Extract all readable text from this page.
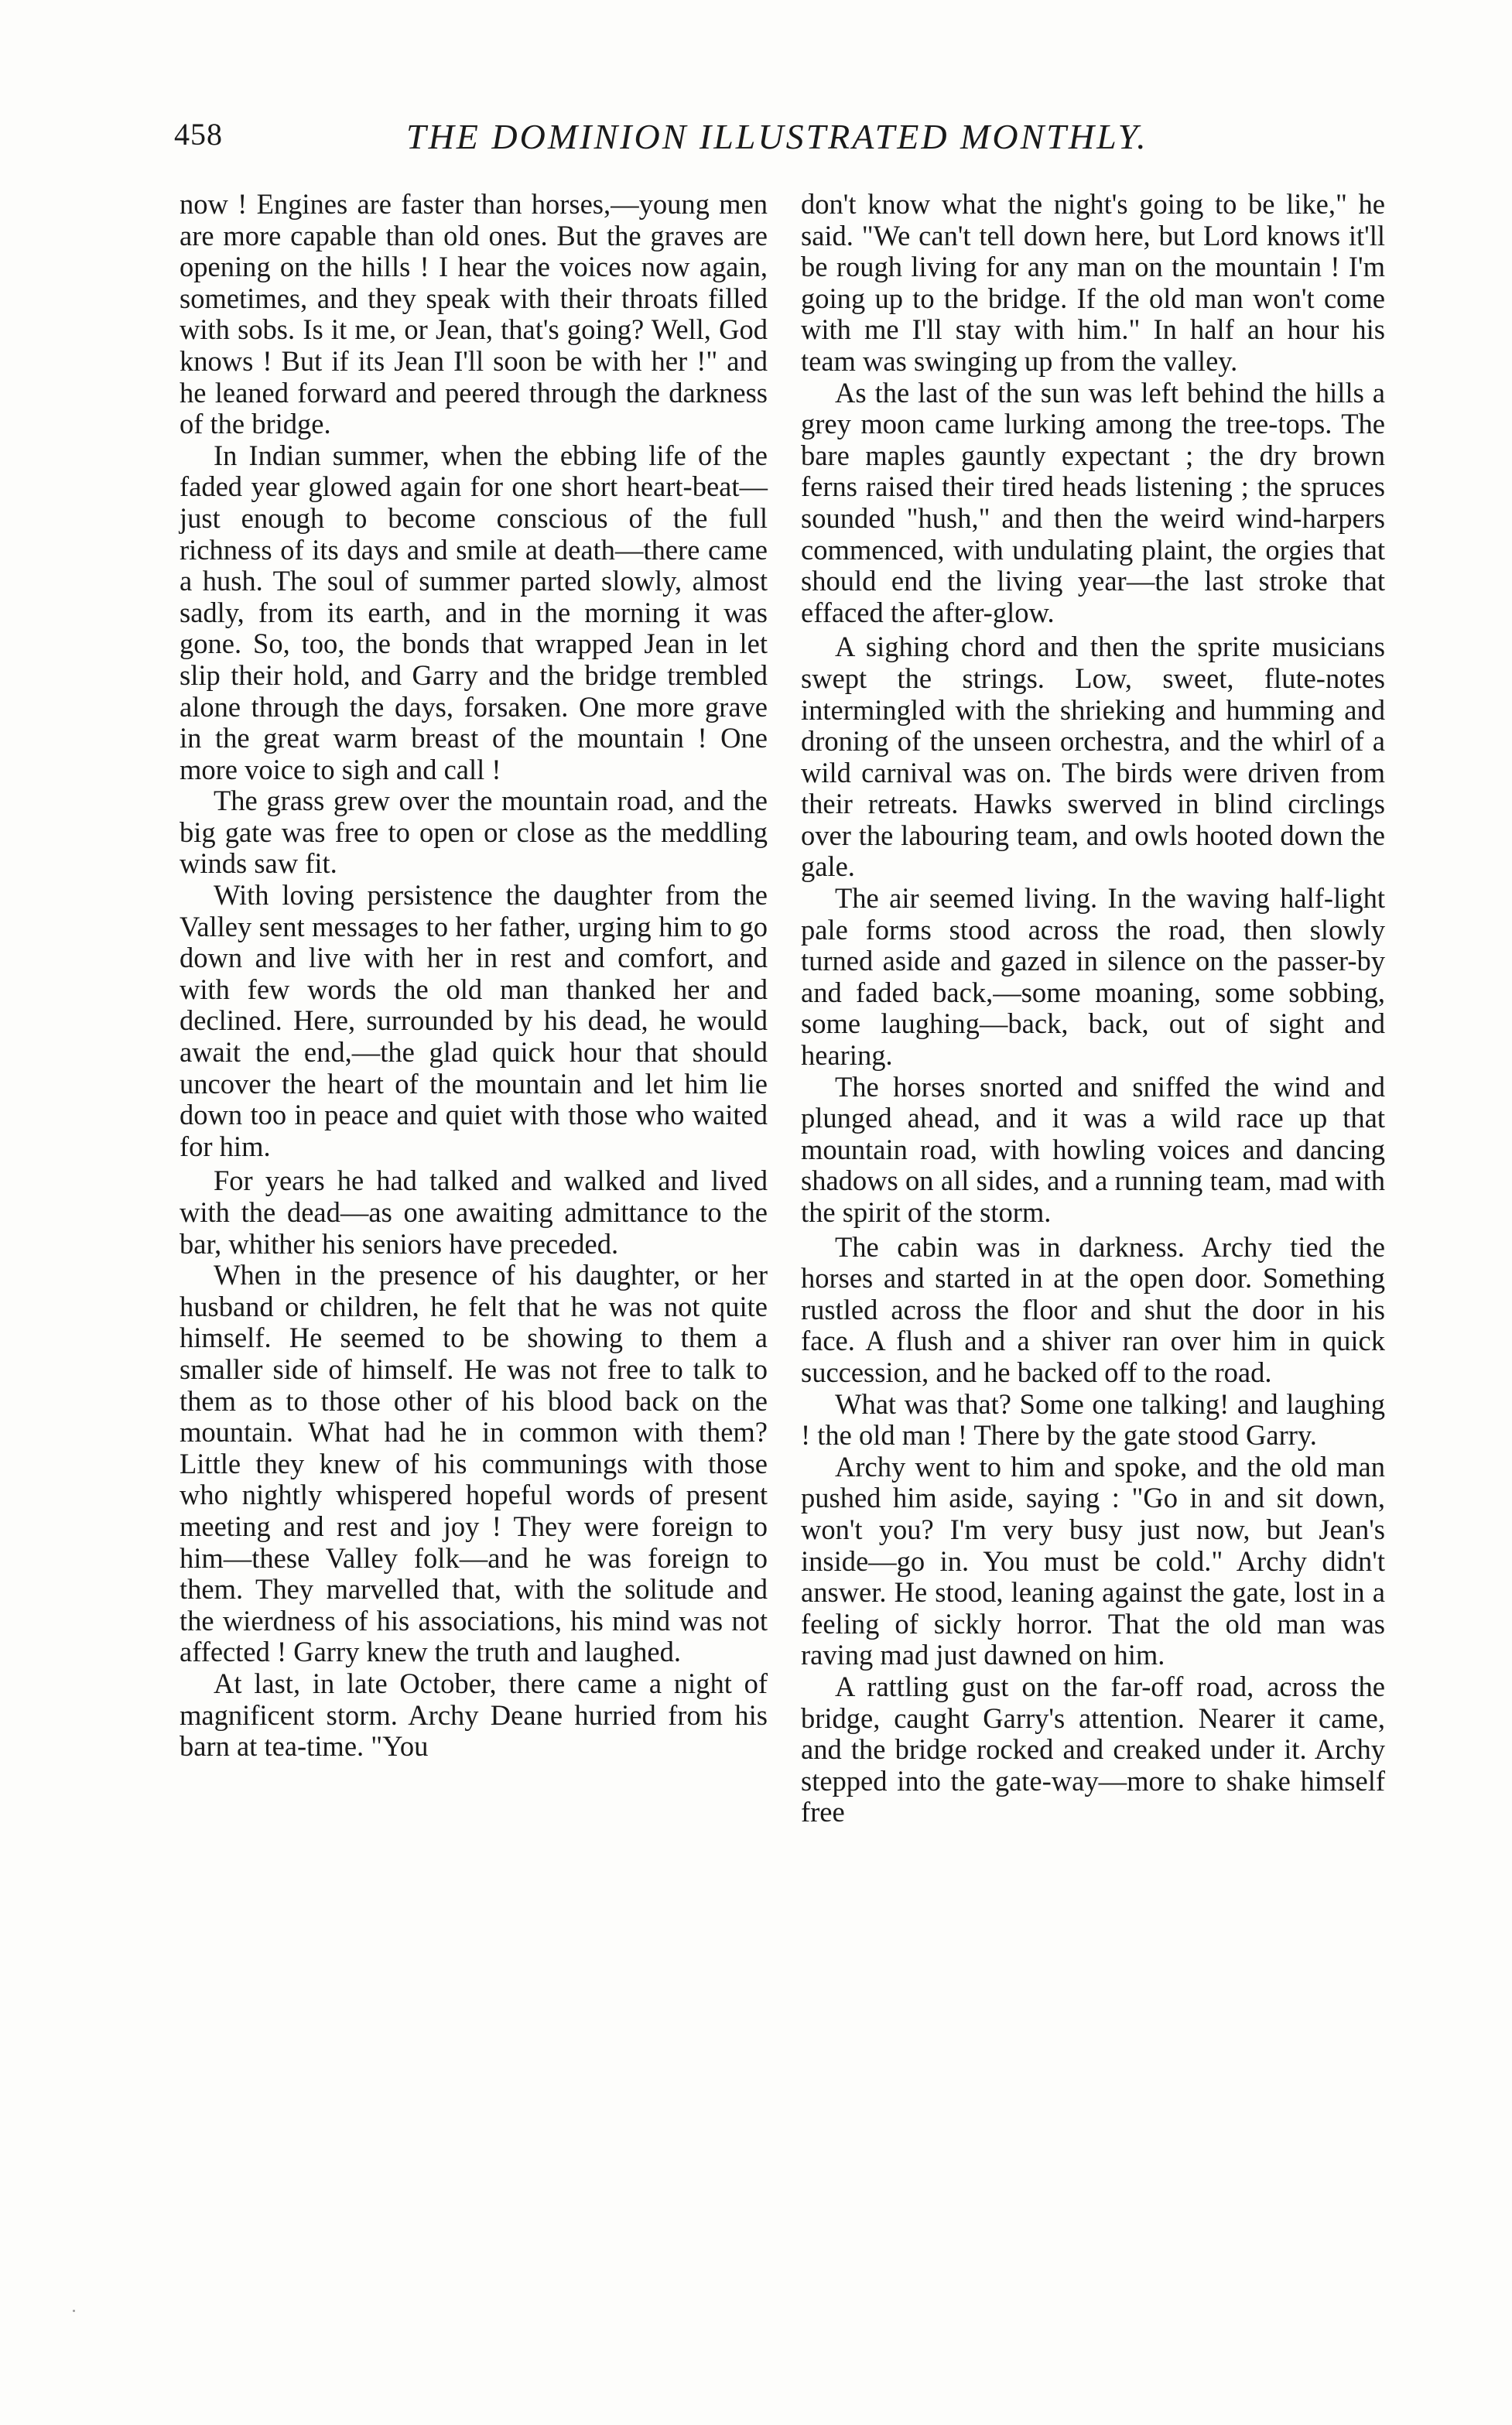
458	THE DOMINION ILLUSTRATED MONTHLY.

now ! Engines are faster than horses,—young men are more capable than old ones. But the graves are opening on the hills ! I hear the voices now again, sometimes, and they speak with their throats filled with sobs. Is it me, or Jean, that's going? Well, God knows ! But if its Jean I'll soon be with her !" and he leaned forward and peered through the darkness of the bridge.

In Indian summer, when the ebbing life of the faded year glowed again for one short heart-beat—just enough to become conscious of the full richness of its days and smile at death—there came a hush. The soul of summer parted slowly, almost sadly, from its earth, and in the morning it was gone. So, too, the bonds that wrapped Jean in let slip their hold, and Garry and the bridge trembled alone through the days, forsaken. One more grave in the great warm breast of the mountain ! One more voice to sigh and call !

The grass grew over the mountain road, and the big gate was free to open or close as the meddling winds saw fit.

With loving persistence the daughter from the Valley sent messages to her father, urging him to go down and live with her in rest and comfort, and with few words the old man thanked her and declined. Here, surrounded by his dead, he would await the end,—the glad quick hour that should uncover the heart of the mountain and let him lie down too in peace and quiet with those who waited for him.

For years he had talked and walked and lived with the dead—as one awaiting admittance to the bar, whither his seniors have preceded.

When in the presence of his daughter, or her husband or children, he felt that he was not quite himself. He seemed to be showing to them a smaller side of himself. He was not free to talk to them as to those other of his blood back on the mountain. What had he in common with them? Little they knew of his communings with those who nightly whispered hopeful words of present meeting and rest and joy ! They were foreign to him—these Valley folk—and he was foreign to them. They marvelled that, with the solitude and the wierdness of his associations, his mind was not affected ! Garry knew the truth and laughed.

At last, in late October, there came a night of magnificent storm. Archy Deane hurried from his barn at tea-time. "You

don't know what the night's going to be like," he said. "We can't tell down here, but Lord knows it'll be rough living for any man on the mountain ! I'm going up to the bridge. If the old man won't come with me I'll stay with him." In half an hour his team was swinging up from the valley.

As the last of the sun was left behind the hills a grey moon came lurking among the tree-tops. The bare maples gauntly expectant ; the dry brown ferns raised their tired heads listening ; the spruces sounded "hush," and then the weird wind-harpers commenced, with undulating plaint, the orgies that should end the living year—the last stroke that effaced the after-glow.

A sighing chord and then the sprite musicians swept the strings. Low, sweet, flute-notes intermingled with the shrieking and humming and droning of the unseen orchestra, and the whirl of a wild carnival was on. The birds were driven from their retreats. Hawks swerved in blind circlings over the labouring team, and owls hooted down the gale.

The air seemed living. In the waving half-light pale forms stood across the road, then slowly turned aside and gazed in silence on the passer-by and faded back,—some moaning, some sobbing, some laughing—back, back, out of sight and hearing.

The horses snorted and sniffed the wind and plunged ahead, and it was a wild race up that mountain road, with howling voices and dancing shadows on all sides, and a running team, mad with the spirit of the storm.

The cabin was in darkness. Archy tied the horses and started in at the open door. Something rustled across the floor and shut the door in his face. A flush and a shiver ran over him in quick succession, and he backed off to the road.

What was that? Some one talking! and laughing ! the old man ! There by the gate stood Garry.

Archy went to him and spoke, and the old man pushed him aside, saying : "Go in and sit down, won't you? I'm very busy just now, but Jean's inside—go in. You must be cold." Archy didn't answer. He stood, leaning against the gate, lost in a feeling of sickly horror. That the old man was raving mad just dawned on him.

A rattling gust on the far-off road, across the bridge, caught Garry's attention. Nearer it came, and the bridge rocked and creaked under it. Archy stepped into the gate-way—more to shake himself free
